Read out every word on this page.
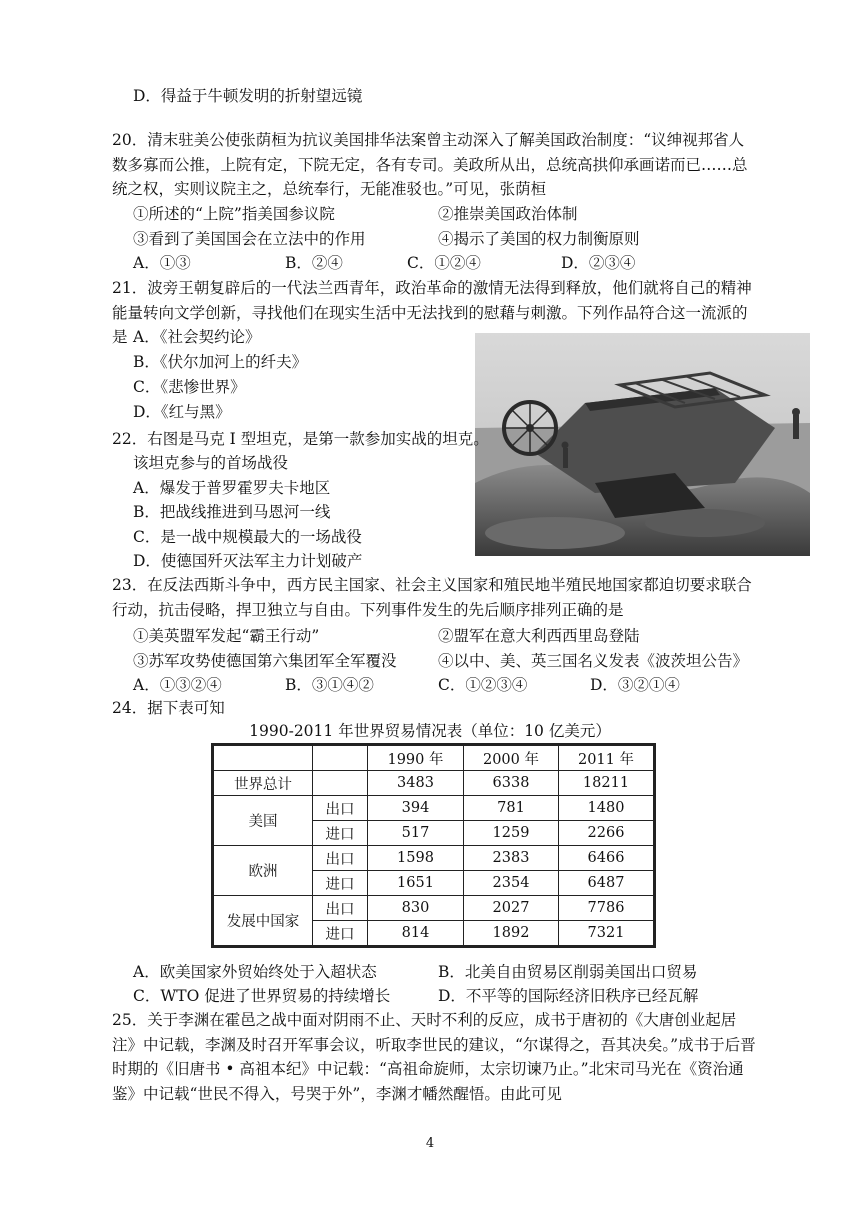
D．得益于牛顿发明的折射望远镜
20．清末驻美公使张荫桓为抗议美国排华法案曾主动深入了解美国政治制度：“议绅视邦省人数多寡而公推，上院有定，下院无定，各有专司。美政所从出，总统高拱仰承画诺而已……总统之权，实则议院主之，总统奉行，无能准驳也。”可见，张荫桓
①所述的“上院”指美国参议院	②推崇美国政治体制
③看到了美国国会在立法中的作用	④揭示了美国的权力制衡原则
A．①③	B．②④	C．①②④	D．②③④
21．波旁王朝复辟后的一代法兰西青年，政治革命的激情无法得到释放，他们就将自己的精神能量转向文学创新，寻找他们在现实生活中无法找到的慰藉与刺激。下列作品符合这一流派的是 A．《社会契约论》
B．《伏尔加河上的纤夫》
C．《悲惨世界》
D．《红与黑》
22．右图是马克 I 型坦克，是第一款参加实战的坦克。
该坦克参与的首场战役
A．爆发于普罗霍罗夫卡地区
B．把战线推进到马恩河一线
C．是一战中规模最大的一场战役
D．使德国歼灭法军主力计划破产
23．在反法西斯斗争中，西方民主国家、社会主义国家和殖民地半殖民地国家都迫切要求联合行动，抗击侵略，捍卫独立与自由。下列事件发生的先后顺序排列正确的是
①美英盟军发起“霸王行动”	②盟军在意大利西西里岛登陆
③苏军攻势使德国第六集团军全军覆没	④以中、美、英三国名义发表《波茨坦公告》
A．①③②④	B．③①④②	C．①②③④	D．③②①④
24．据下表可知
1990-2011 年世界贸易情况表（单位：10 亿美元）
		1990 年	2000 年	2011 年
世界总计		3483	6338	18211
美国	出口	394	781	1480
	进口	517	1259	2266
欧洲	出口	1598	2383	6466
	进口	1651	2354	6487
发展中国家	出口	830	2027	7786
	进口	814	1892	7321
A．欧美国家外贸始终处于入超状态	B．北美自由贸易区削弱美国出口贸易
C．WTO 促进了世界贸易的持续增长	D．不平等的国际经济旧秩序已经瓦解
25．关于李渊在霍邑之战中面对阴雨不止、天时不利的反应，成书于唐初的《大唐创业起居注》中记载，李渊及时召开军事会议，听取李世民的建议，“尔谋得之，吾其决矣。”成书于后晋时期的《旧唐书 • 高祖本纪》中记载：“高祖命旋师，太宗切谏乃止。”北宋司马光在《资治通鉴》中记载“世民不得入，号哭于外”，李渊才幡然醒悟。由此可见
4
